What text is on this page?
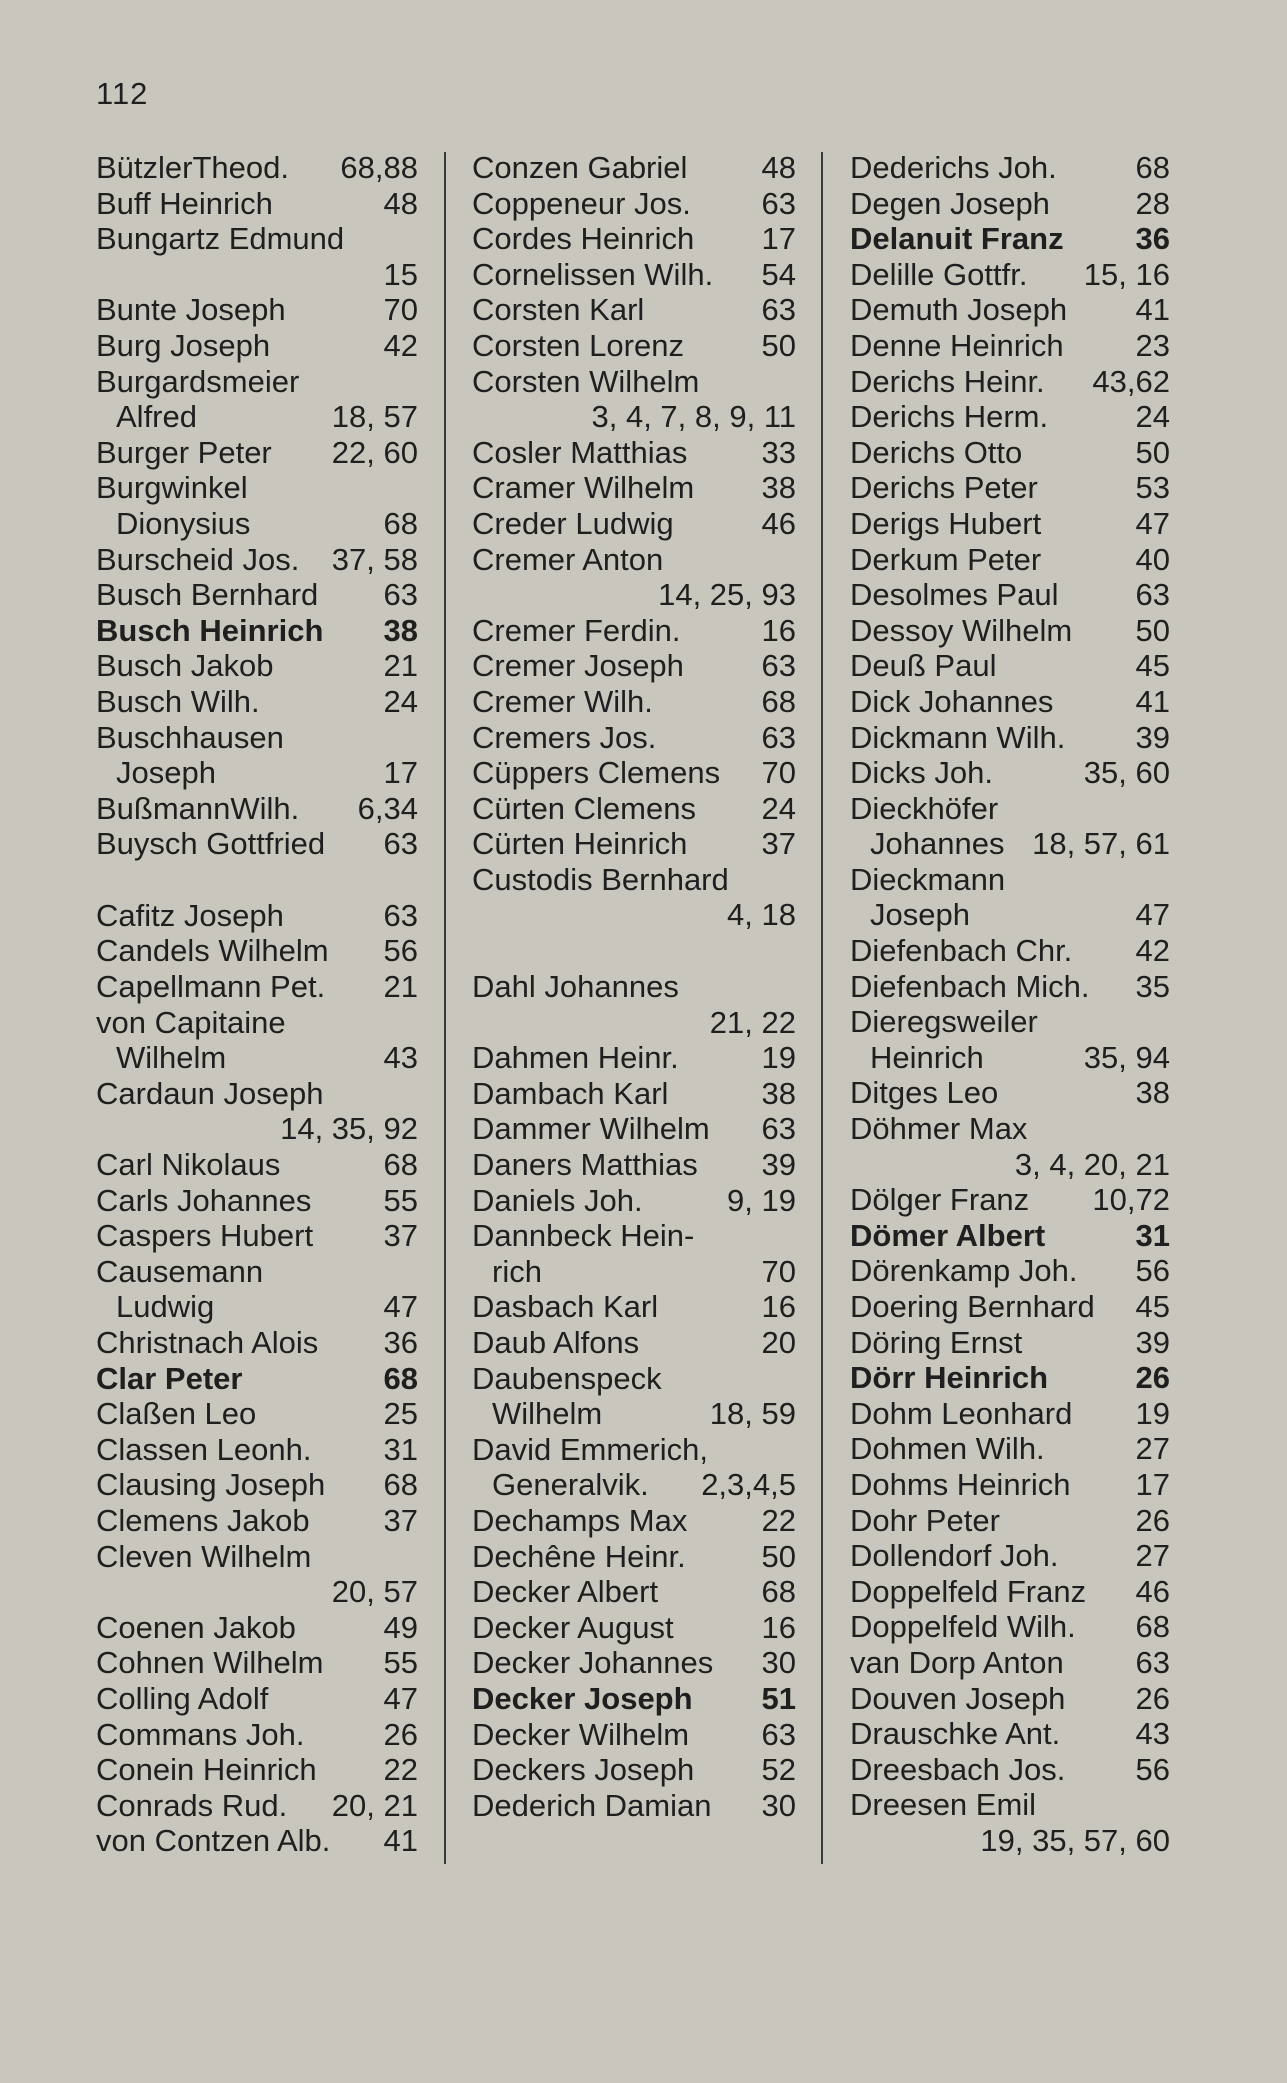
112
BützlerTheod. 68,88
Buff Heinrich	48
Bungartz Edmund
15
Bunte Joseph	70
Burg Joseph	42
Burgardsmeier
Alfred	18, 57
Burger Peter 22, 60
Burgwinkel
Dionysius	68
Burscheid Jos. 37, 58
Busch Bernhard 63
Busch Heinrich 38
Busch Jakob	21
Busch Wilh.	24
Buschhausen
Joseph	17
BußmannWilh. 6,34
Buysch Gottfried 63
Cafitz Joseph	63
Candels Wilhelm 56
Capellmann Pet. 21
von Capitaine
Wilhelm	43
Cardaun Joseph
14, 35, 92
Carl Nikolaus	68
Carls Johannes 55
Caspers Hubert 37
Causemann
Ludwig	47
Christnach Alois 36
Clar Peter	68
Claßen Leo	25
Classen Leonh. 31
Clausing Joseph 68
Clemens Jakob 37
Cleven Wilhelm
20, 57
Coenen Jakob	49
Cohnen Wilhelm 55
Colling Adolf	47
Commans Joh.	26
Conein Heinrich 22
Conrads Rud. 20, 21
von Contzen Alb. 41
Conzen Gabriel 48
Coppeneur Jos. 63
Cordes Heinrich 17
Cornelissen Wilh. 54
Corsten Karl	63
Corsten Lorenz	50
Corsten Wilhelm
3, 4, 7, 8, 9, 11
Cosler Matthias 33
Cramer Wilhelm 38
Creder Ludwig	46
Cremer Anton
14, 25, 93
Cremer Ferdin.	16
Cremer Joseph	63
Cremer Wilh.	68
Cremers Jos.	63
Cüppers Clemens 70
Cürten Clemens 24
Cürten Heinrich 37
Custodis Bernhard
4, 18
Dahl Johannes
21, 22
Dahmen Heinr.	19
Dambach Karl	38
Dammer Wilhelm 63
Daners Matthias 39
Daniels Joh.	9, 19
Dannbeck Hein-
rich	70
Dasbach Karl	16
Daub Alfons	20
Daubenspeck
Wilhelm	18, 59
David Emmerich,
Generalvik. 2,3,4,5
Dechamps Max 22
Dechêne Heinr. 50
Decker Albert	68
Decker August	16
Decker Johannes 30
Decker Joseph 51
Decker Wilhelm 63
Deckers Joseph 52
Dederich Damian 30
Dederichs Joh.	68
Degen Joseph	28
Delanuit Franz 36
Delille Gottfr. 15, 16
Demuth Joseph 41
Denne Heinrich 23
Derichs Heinr. 43,62
Derichs Herm.	24
Derichs Otto	50
Derichs Peter	53
Derigs Hubert	47
Derkum Peter	40
Desolmes Paul 63
Dessoy Wilhelm 50
Deuß Paul	45
Dick Johannes	41
Dickmann Wilh. 39
Dicks Joh.	35, 60
Dieckhöfer
Johannes 18, 57, 61
Dieckmann
Joseph	47
Diefenbach Chr. 42
Diefenbach Mich. 35
Dieregsweiler
Heinrich	35, 94
Ditges Leo	38
Döhmer Max
3, 4, 20, 21
Dölger Franz 10,72
Dömer Albert	31
Dörenkamp Joh. 56
Doering Bernhard 45
Döring Ernst	39
Dörr Heinrich	26
Dohm Leonhard 19
Dohmen Wilh.	27
Dohms Heinrich 17
Dohr Peter	26
Dollendorf Joh. 27
Doppelfeld Franz 46
Doppelfeld Wilh. 68
van Dorp Anton 63
Douven Joseph 26
Drauschke Ant. 43
Dreesbach Jos. 56
Dreesen Emil
19, 35, 57, 60
